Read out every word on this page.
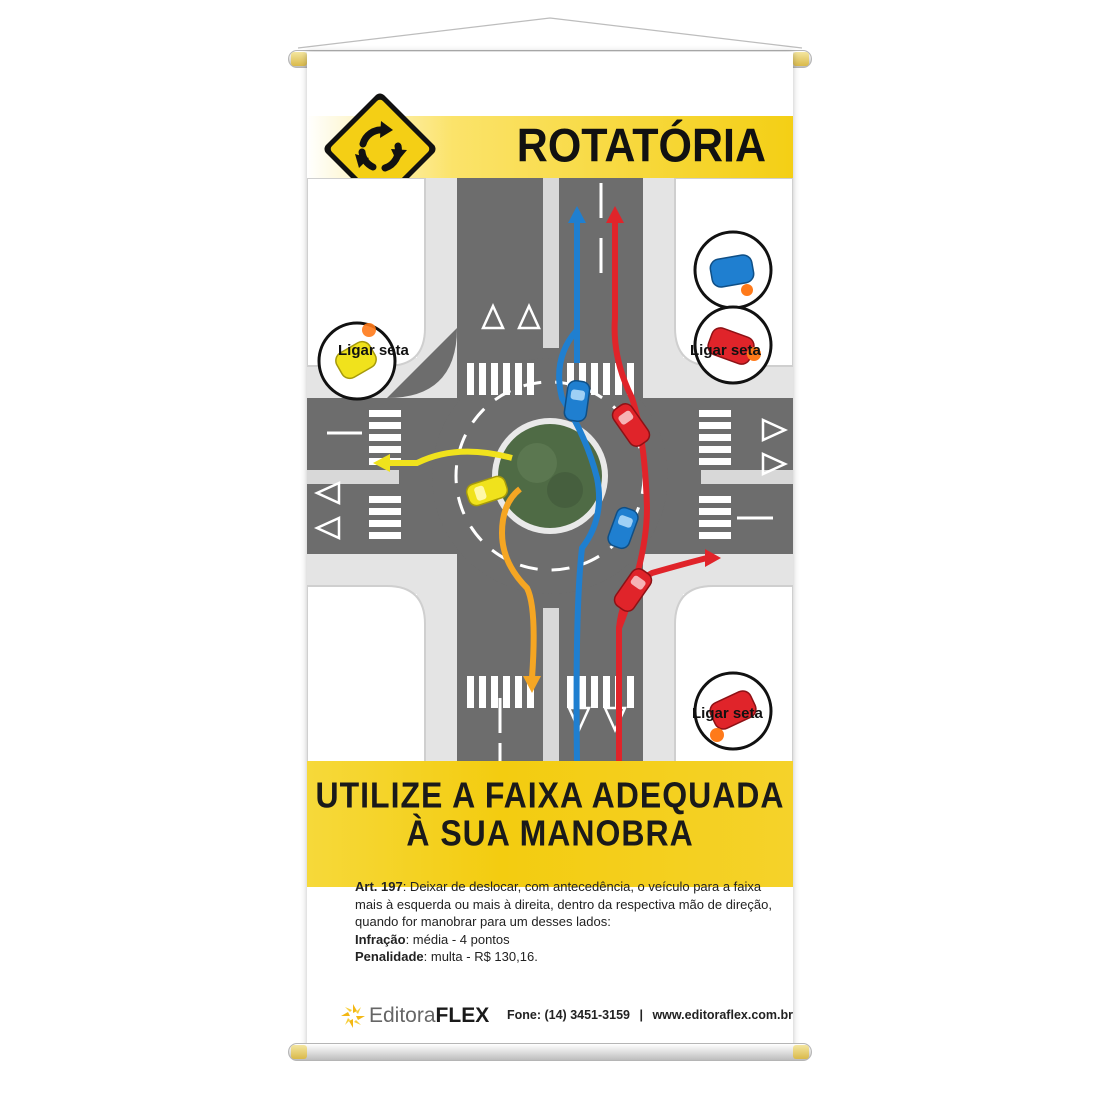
ROTATÓRIA
Ligar seta	Ligar seta
Ligar seta
UTILIZE A FAIXA ADEQUADA
À SUA MANOBRA
Art. 197: Deixar de deslocar, com antecedência, o veículo para a faixa mais à esquerda ou mais à direita, dentro da respectiva mão de direção, quando for manobrar para um desses lados:
Infração: média - 4 pontos
Penalidade: multa - R$ 130,16.
EditoraFLEX Fone: (14) 3451-3159 | www.editoraflex.com.br
